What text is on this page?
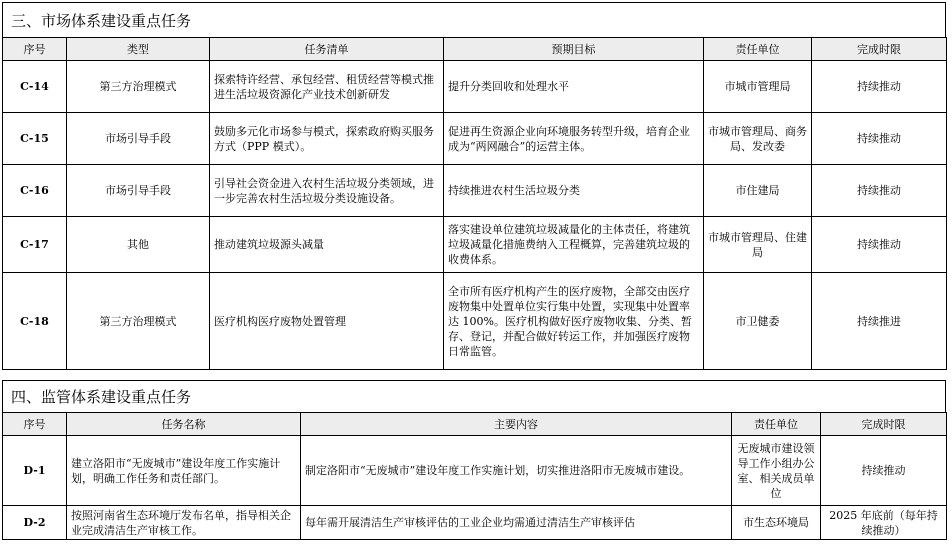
三、市场体系建设重点任务
序号	类型	任务清单	预期目标	责任单位	完成时限
C-14	第三方治理模式	探索特许经营、承包经营、租赁经营等模式推进生活垃圾资源化产业技术创新研发	提升分类回收和处理水平	市城市管理局	持续推动
C-15	市场引导手段	鼓励多元化市场参与模式，探索政府购买服务方式（PPP 模式）。	促进再生资源企业向环境服务转型升级，培育企业成为“两网融合”的运营主体。	市城市管理局、商务局、发改委	持续推动
C-16	市场引导手段	引导社会资金进入农村生活垃圾分类领域，进一步完善农村生活垃圾分类设施设备。	持续推进农村生活垃圾分类	市住建局	持续推动
C-17	其他	推动建筑垃圾源头减量	落实建设单位建筑垃圾减量化的主体责任，将建筑垃圾减量化措施费纳入工程概算，完善建筑垃圾的收费体系。	市城市管理局、住建局	持续推动
C-18	第三方治理模式	医疗机构医疗废物处置管理	全市所有医疗机构产生的医疗废物，全部交由医疗废物集中处置单位实行集中处置，实现集中处置率达 100%。医疗机构做好医疗废物收集、分类、暂存、登记，并配合做好转运工作，并加强医疗废物日常监管。	市卫健委	持续推进
四、监管体系建设重点任务
序号	任务名称	主要内容	责任单位	完成时限
D-1	建立洛阳市“无废城市”建设年度工作实施计划，明确工作任务和责任部门。	制定洛阳市“无废城市”建设年度工作实施计划，切实推进洛阳市无废城市建设。	无废城市建设领导工作小组办公室、相关成员单位	持续推动
D-2	按照河南省生态环境厅发布名单，指导相关企业完成清洁生产审核工作。	每年需开展清洁生产审核评估的工业企业均需通过清洁生产审核评估	市生态环境局	2025 年底前（每年持续推动）
